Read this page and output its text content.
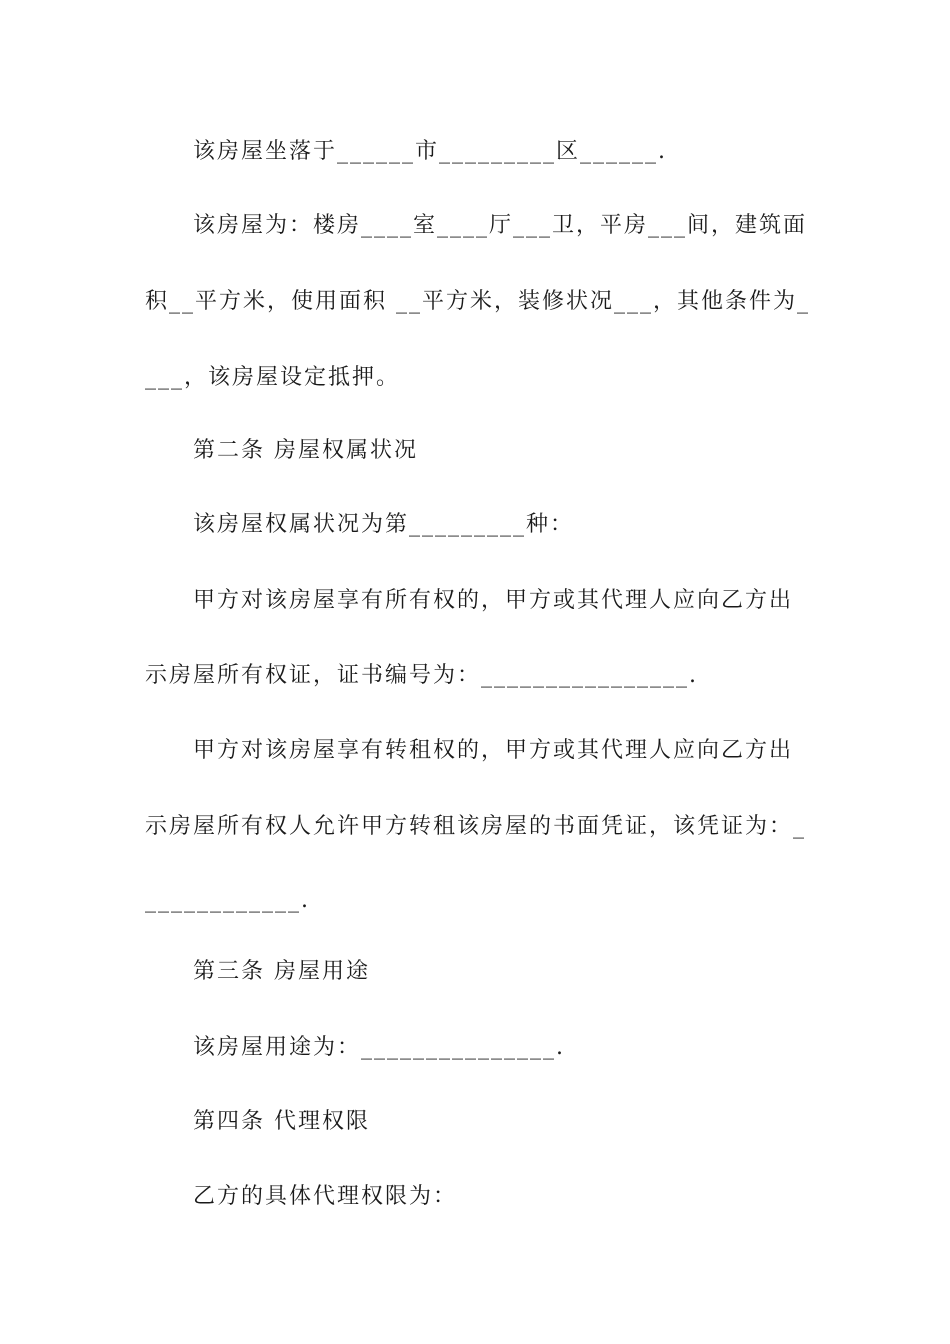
该房屋坐落于______市_________区______.
该房屋为：楼房____室____厅___卫，平房___间，建筑面
积__平方米，使用面积 __平方米，装修状况___，其他条件为_
___，该房屋设定抵押。
第二条 房屋权属状况
该房屋权属状况为第_________种：
甲方对该房屋享有所有权的，甲方或其代理人应向乙方出
示房屋所有权证，证书编号为：________________.
甲方对该房屋享有转租权的，甲方或其代理人应向乙方出
示房屋所有权人允许甲方转租该房屋的书面凭证，该凭证为：_
____________.
第三条 房屋用途
该房屋用途为：_______________.
第四条 代理权限
乙方的具体代理权限为：
